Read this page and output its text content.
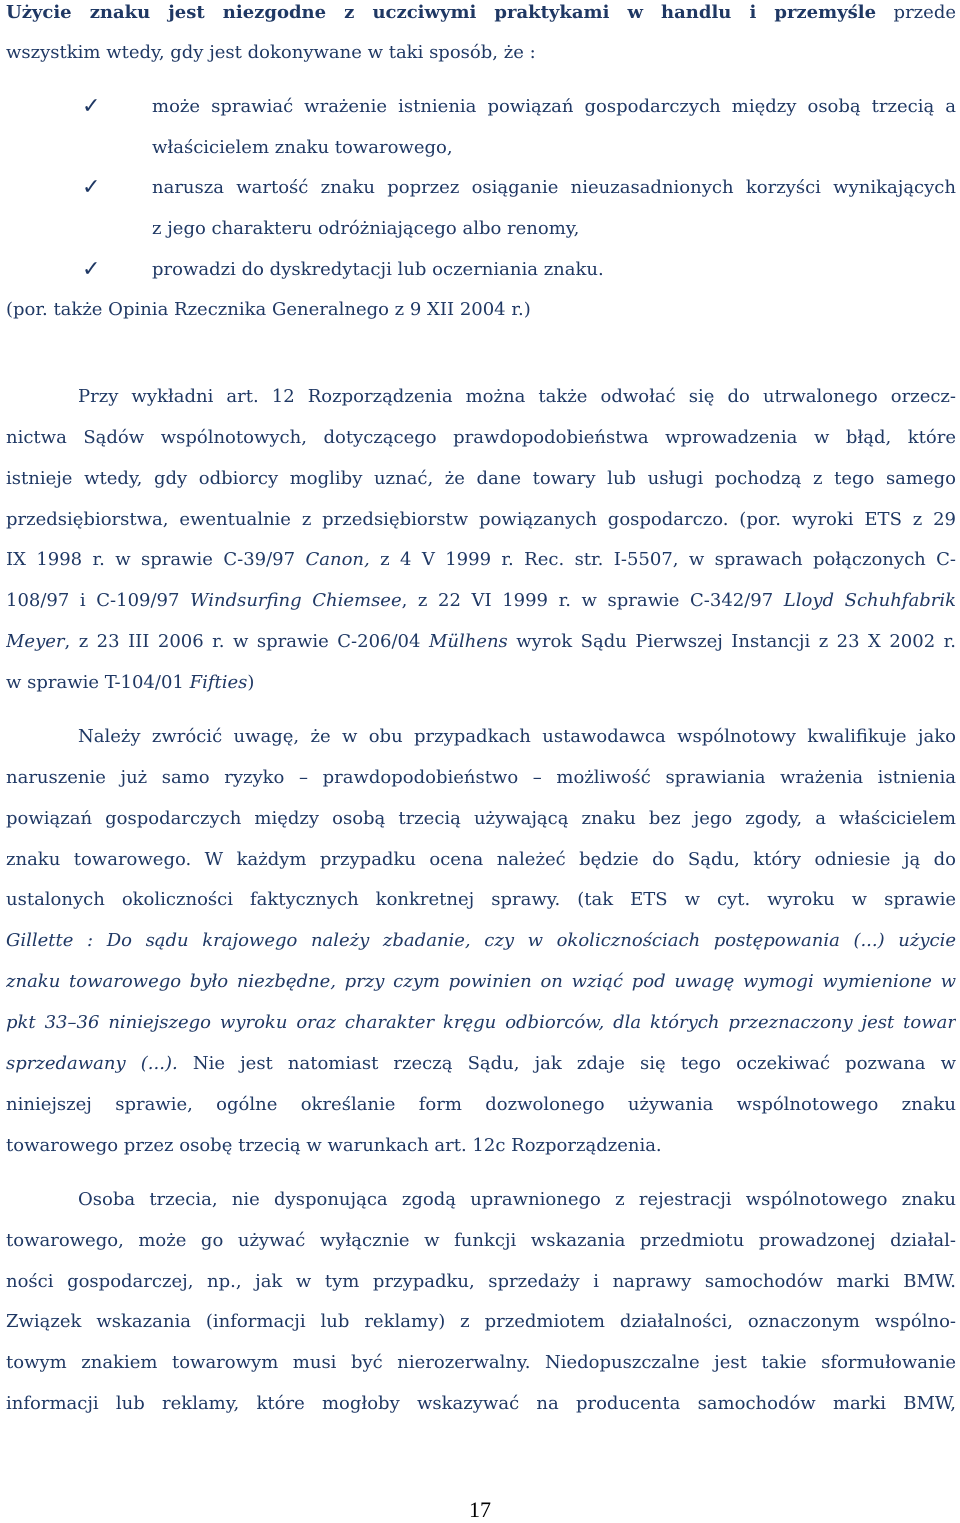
Użycie znaku jest niezgodne z uczciwymi praktykami w handlu i przemyśle przede
wszystkim wtedy, gdy jest dokonywane w taki sposób, że :
✓	może sprawiać wrażenie istnienia powiązań gospodarczych między osobą trzecią a
właścicielem znaku towarowego,
✓	narusza wartość znaku poprzez osiąganie nieuzasadnionych korzyści wynikających
z jego charakteru odróżniającego albo renomy,
✓	prowadzi do dyskredytacji lub oczerniania znaku.
(por. także Opinia Rzecznika Generalnego z 9 XII 2004 r.)
Przy wykładni art. 12 Rozporządzenia można także odwołać się do utrwalonego orzecz-
nictwa Sądów wspólnotowych, dotyczącego prawdopodobieństwa wprowadzenia w błąd, które
istnieje wtedy, gdy odbiorcy mogliby uznać, że dane towary lub usługi pochodzą z tego samego
przedsiębiorstwa, ewentualnie z przedsiębiorstw powiązanych gospodarczo. (por. wyroki ETS z 29
IX 1998 r. w sprawie C-39/97 Canon, z 4 V 1999 r. Rec. str. I-5507, w sprawach połączonych C-
108/97 i C-109/97 Windsurfing Chiemsee, z 22 VI 1999 r. w sprawie C-342/97 Lloyd Schuhfabrik
Meyer, z 23 III 2006 r. w sprawie C-206/04 Mülhens wyrok Sądu Pierwszej Instancji z 23 X 2002 r.
w sprawie T-104/01 Fifties)
Należy zwrócić uwagę, że w obu przypadkach ustawodawca wspólnotowy kwalifikuje jako
naruszenie już samo ryzyko – prawdopodobieństwo – możliwość sprawiania wrażenia istnienia
powiązań gospodarczych między osobą trzecią używającą znaku bez jego zgody, a właścicielem
znaku towarowego. W każdym przypadku ocena należeć będzie do Sądu, który odniesie ją do
ustalonych okoliczności faktycznych konkretnej sprawy. (tak ETS w cyt. wyroku w sprawie
Gillette : Do sądu krajowego należy zbadanie, czy w okolicznościach postępowania (...) użycie
znaku towarowego było niezbędne, przy czym powinien on wziąć pod uwagę wymogi wymienione w
pkt 33–36 niniejszego wyroku oraz charakter kręgu odbiorców, dla których przeznaczony jest towar
sprzedawany (...). Nie jest natomiast rzeczą Sądu, jak zdaje się tego oczekiwać pozwana w
niniejszej sprawie, ogólne określanie form dozwolonego używania wspólnotowego znaku
towarowego przez osobę trzecią w warunkach art. 12c Rozporządzenia.
Osoba trzecia, nie dysponująca zgodą uprawnionego z rejestracji wspólnotowego znaku
towarowego, może go używać wyłącznie w funkcji wskazania przedmiotu prowadzonej działal-
ności gospodarczej, np., jak w tym przypadku, sprzedaży i naprawy samochodów marki BMW.
Związek wskazania (informacji lub reklamy) z przedmiotem działalności, oznaczonym wspólno-
towym znakiem towarowym musi być nierozerwalny. Niedopuszczalne jest takie sformułowanie
informacji lub reklamy, które mogłoby wskazywać na producenta samochodów marki BMW,
17
